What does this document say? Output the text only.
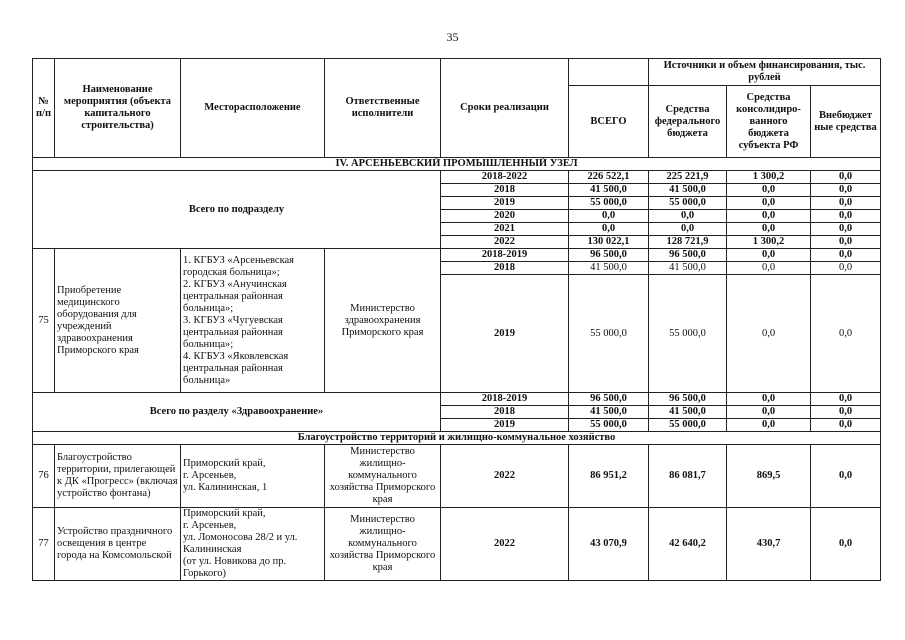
35
№
п/п	Наименование мероприятия (объекта капитального строительства)	Месторасположение	Ответственные исполнители	Сроки реализации		Источники и объем финансирования, тыс. рублей		
					ВСЕГО	Средства федерального бюджета	Средства консолидиро-ванного бюджета субъекта РФ	Внебюджет ные средства
IV. АРСЕНЬЕВСКИЙ ПРОМЫШЛЕННЫЙ УЗЕЛ								
Всего по подразделу				2018-2022	226 522,1	225 221,9	1 300,2	0,0
				2018	41 500,0	41 500,0	0,0	0,0
				2019	55 000,0	55 000,0	0,0	0,0
				2020	0,0	0,0	0,0	0,0
				2021	0,0	0,0	0,0	0,0
				2022	130 022,1	128 721,9	1 300,2	0,0
75	Приобретение медицинского оборудования для учреждений здравоохранения Приморского края	1. КГБУЗ «Арсеньевская городская больница»;
2. КГБУЗ «Анучинская центральная районная больница»;
3. КГБУЗ «Чугуевская центральная районная больница»;
4. КГБУЗ «Яковлевская центральная районная больница»	Министерство здравоохранения Приморского края	2018-2019	96 500,0	96 500,0	0,0	0,0
				2018	41 500,0	41 500,0	0,0	0,0
				2019	55 000,0	55 000,0	0,0	0,0
Всего по разделу «Здравоохранение»				2018-2019	96 500,0	96 500,0	0,0	0,0
				2018	41 500,0	41 500,0	0,0	0,0
				2019	55 000,0	55 000,0	0,0	0,0
Благоустройство территорий и жилищно-коммунальное хозяйство								
76	Благоустройство территории, прилегающей к ДК «Прогресс» (включая устройство фонтана)	Приморский край,
г. Арсеньев,
ул. Калининская, 1	Министерство жилищно-коммунального хозяйства Приморского края	2022	86 951,2	86 081,7	869,5	0,0
77	Устройство праздничного освещения в центре города на Комсомольской	Приморский край,
г. Арсеньев,
ул. Ломоносова 28/2 и ул. Калининская
(от ул. Новикова до пр. Горького)	Министерство жилищно-коммунального хозяйства Приморского края	2022	43 070,9	42 640,2	430,7	0,0
